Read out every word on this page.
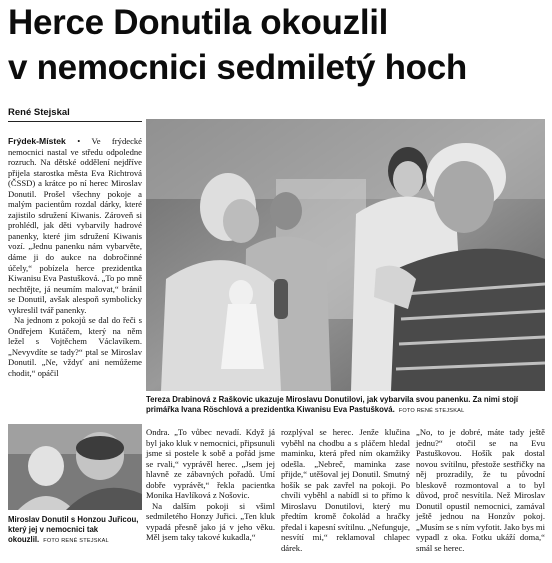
Herce Donutila okouzlil
v nemocnici sedmiletý hoch
René Stejskal

Frýdek-Místek • Ve frýdecké nemocnici nastal ve středu odpoledne rozruch. Na dětské oddělení nejdříve přijela starostka města Eva Richtrová (ČSSD) a krátce po ní herec Miroslav Donutil. Prošel všechny pokoje a malým pacientům rozdal dárky, které zajistilo sdružení Kiwanis. Zároveň si prohlédl, jak děti vybarvily hadrové panenky, které jim sdružení Kiwanis vozí. „Jednu panenku nám vybarvěte, dáme ji do aukce na dobročinné účely,“ pobízela herce prezidentka Kiwanisu Eva Pastušková. „To po mně nechtějte, já neumím malovat,“ bránil se Donutil, avšak alespoň symbolicky vykreslil tvář panenky.

Na jednom z pokojů se dal do řeči s Ondřejem Kutáčem, který na něm ležel s Vojtěchem Václavíkem. „Nevyvdíte se tady?“ ptal se Miroslav Donutil. „Ne, vždyť ani nemůžeme chodit,“ opáčil

Tereza Drabinová z Raškovic ukazuje Miroslavu Donutilovi, jak vybarvila svou panenku. Za nimi stojí primářka Ivana Röschlová a prezidentka Kiwanisu Eva Pastušková. FOTO RENÉ STEJSKAL
Miroslav Donutil s Honzou Juřicou, který jej v nemocnici tak okouzlil. FOTO RENÉ STEJSKAL

Ondra. „To vůbec nevadí. Když já byl jako kluk v nemocnici, připsunuli jsme si postele k sobě a pořád jsme se rvali,“ vyprávěl herec. „Jsem jej hlavně ze zábavných pořadů. Umí dobře vyprávět,“ řekla pacientka Monika Havlíková z Nošovic.

Na dalším pokoji si všiml sedmiletého Honzy Juřici. „Ten kluk vypadá přesně jako já v jeho věku. Měl jsem taky takové kukadla,“

rozplýval se herec. Jenže klučina vyběhl na chodbu a s pláčem hledal maminku, která před ním okamžiky odešla. „Nebreč, maminka zase přijde,“ utěšoval jej Donutil. Smutný hošík se pak zavřel na pokoji. Po chvíli vyběhl a nabídl si to přímo k Miroslavu Donutilovi, který mu předtím kromě čokolád a hračky předal i kapesní svítilnu. „Nefunguje, nesvítí mi,“ reklamoval chlapec dárek.

„No, to je dobré, máte tady ještě jednu?“ otočil se na Evu Pastuškovou. Hošík pak dostal novou svítilnu, přestože sestřičky na něj prozradily, že tu původní bleskově rozmontoval a to byl důvod, proč nesvítila. Než Miroslav Donutil opustil nemocnici, zamával ještě jednou na Honzův pokoj. „Musím se s ním vyfotit. Jako bys mi vypadl z oka. Fotku ukáží doma,“ smál se herec.
